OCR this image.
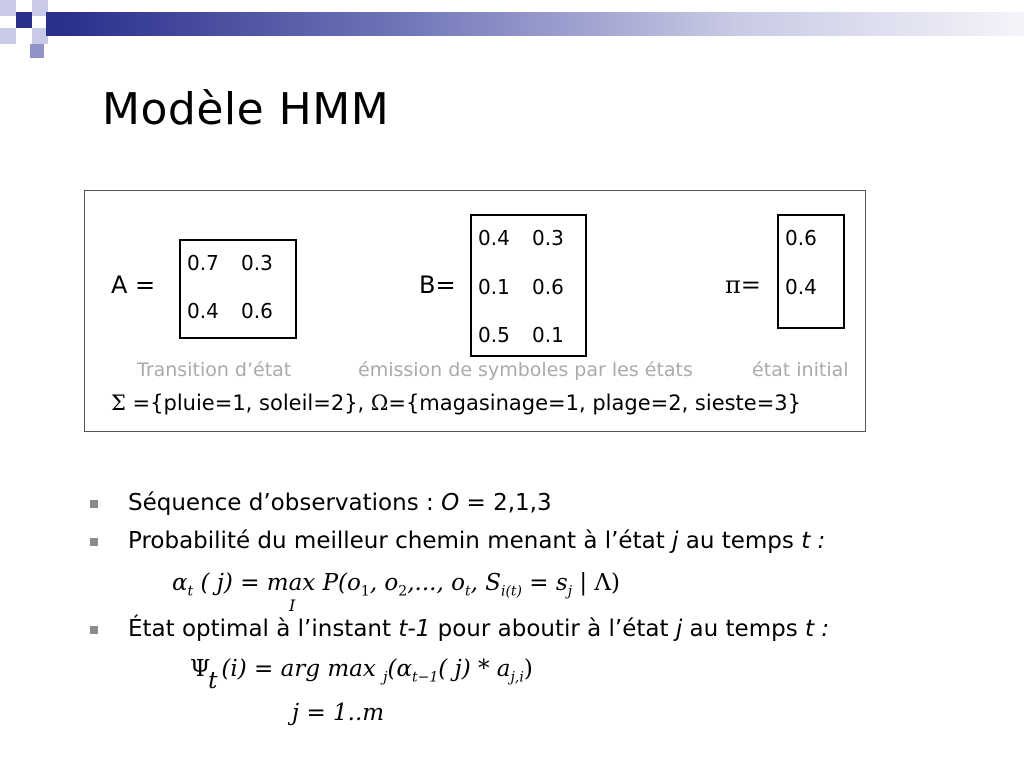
Modèle HMM
A =
0.7 0.3
0.4 0.6
B=
0.4 0.3
0.1 0.6
0.5 0.1
π=
0.6
0.4
Transition d’état	émission de symboles par les états	état initial
Σ ={pluie=1, soleil=2}, Ω={magasinage=1, plage=2, sieste=3}
Séquence d’observations : O = 2,1,3
Probabilité du meilleur chemin menant à l’état j au temps t :
État optimal à l’instant t-1 pour aboutir à l’état j au temps t :
$\alpha_t$ ( $j) = \max P(o_1$, $o_2$,..., $o_t$, $S_{i(t)} = s_j$ | Λ)
I
Ψt (i) = arg $\max _j(\alpha_{t-1}$( $j) * a_{j,i}$)
j = 1..m
